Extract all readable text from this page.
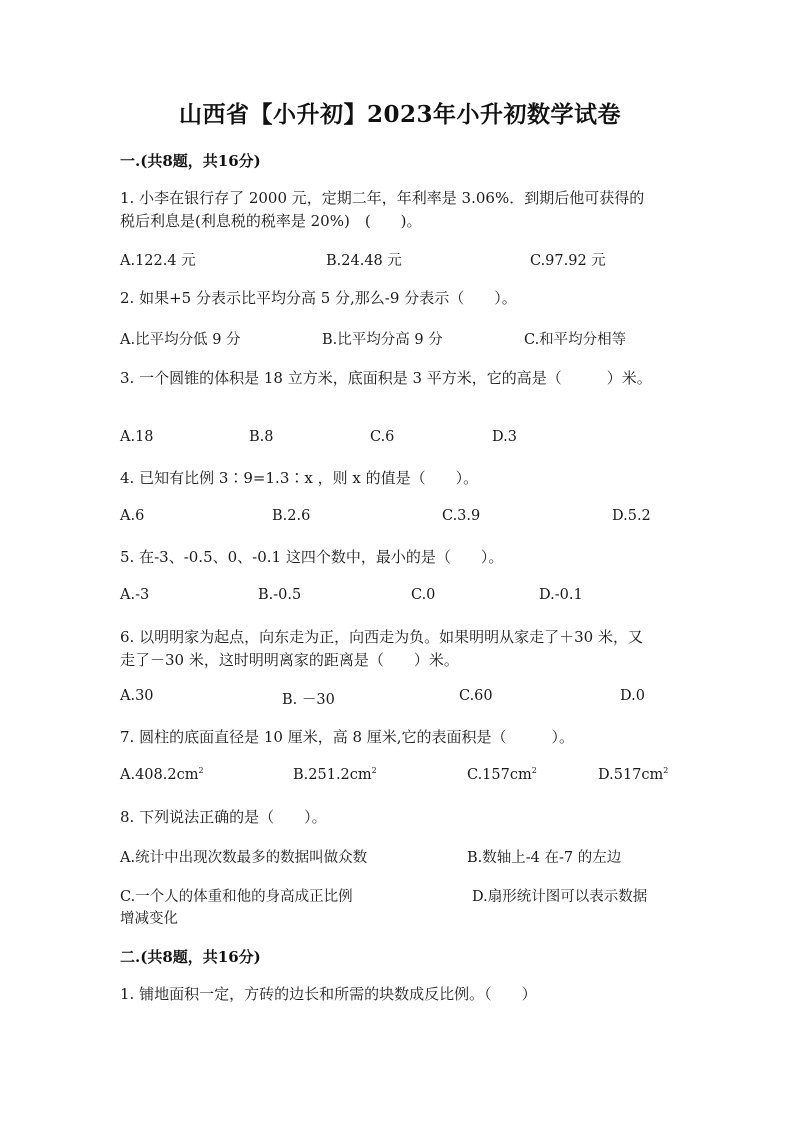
山西省【小升初】2023年小升初数学试卷
一.(共8题，共16分)
1. 小李在银行存了 2000 元，定期二年，年利率是 3.06%．到期后他可获得的
税后利息是(利息税的税率是 20%)　(　　)。
A.122.4 元	B.24.48 元	C.97.92 元
2. 如果+5 分表示比平均分高 5 分,那么-9 分表示（　　）。
A.比平均分低 9 分	B.比平均分高 9 分	C.和平均分相等
3. 一个圆锥的体积是 18 立方米，底面积是 3 平方米，它的高是（　　　）米。
A.18	B.8	C.6	D.3
4. 已知有比例 3∶9=1.3∶x ，则 x 的值是（　　）。
A.6	B.2.6	C.3.9	D.5.2
5. 在-3、-0.5、0、-0.1 这四个数中，最小的是（　　）。
A.-3	B.-0.5	C.0	D.-0.1
6. 以明明家为起点，向东走为正，向西走为负。如果明明从家走了＋30 米，又
走了－30 米，这时明明离家的距离是（　　）米。
A.30	B. －30	C.60	D.0
7. 圆柱的底面直径是 10 厘米，高 8 厘米,它的表面积是（　　　）。
$A.408.2cm^2$	$B.251.2cm^2$	$C.157cm^2$	$D.517cm^2$
8. 下列说法正确的是（　　）。
A.统计中出现次数最多的数据叫做众数	B.数轴上-4 在-7 的左边
C.一个人的体重和他的身高成正比例	D.扇形统计图可以表示数据
增减变化
二.(共8题，共16分)
1. 铺地面积一定，方砖的边长和所需的块数成反比例。（　　）
